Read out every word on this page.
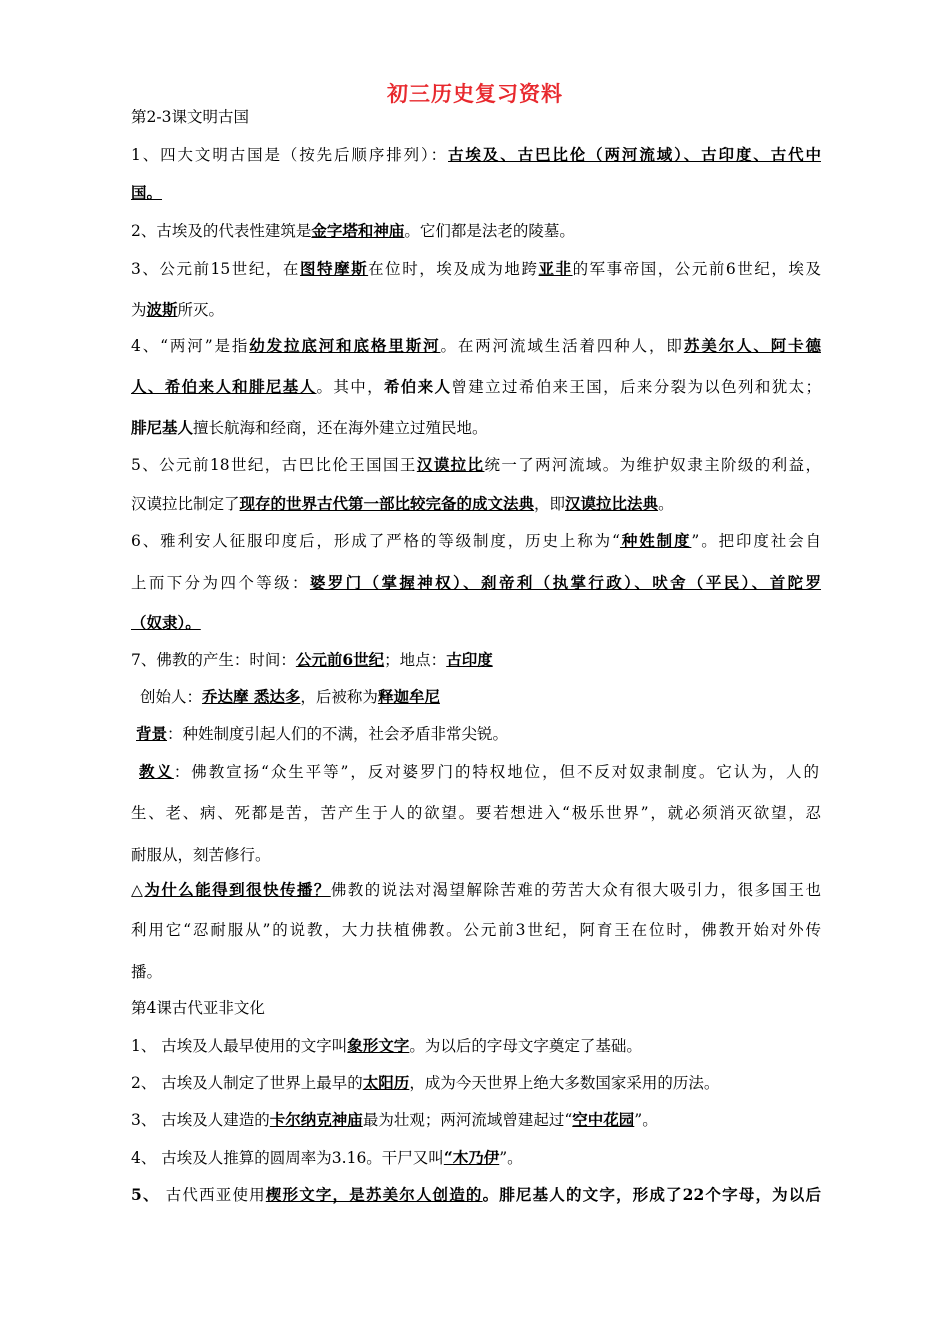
初三历史复习资料
第2-3课文明古国
1、四大文明古国是（按先后顺序排列）：古埃及、古巴比伦（两河流域）、古印度、古代中
国。
2、古埃及的代表性建筑是金字塔和神庙。它们都是法老的陵墓。
3、公元前15世纪，在图特摩斯在位时，埃及成为地跨亚非的军事帝国，公元前6世纪，埃及
为波斯所灭。
4、“两河”是指幼发拉底河和底格里斯河。在两河流域生活着四种人，即苏美尔人、阿卡德
人、希伯来人和腓尼基人。其中，希伯来人曾建立过希伯来王国，后来分裂为以色列和犹太；
腓尼基人擅长航海和经商，还在海外建立过殖民地。
5、公元前18世纪，古巴比伦王国国王汉谟拉比统一了两河流域。为维护奴隶主阶级的利益，
汉谟拉比制定了现存的世界古代第一部比较完备的成文法典，即汉谟拉比法典。
6、雅利安人征服印度后，形成了严格的等级制度，历史上称为“种姓制度”。把印度社会自
上而下分为四个等级：婆罗门（掌握神权）、刹帝利（执掌行政）、吠舍（平民）、首陀罗
（奴隶）。
7、佛教的产生：时间：公元前6世纪；地点：古印度
创始人：乔达摩 悉达多，后被称为释迦牟尼
背景：种姓制度引起人们的不满，社会矛盾非常尖锐。
教义：佛教宣扬“众生平等”，反对婆罗门的特权地位，但不反对奴隶制度。它认为，人的
生、老、病、死都是苦，苦产生于人的欲望。要若想进入“极乐世界”，就必须消灭欲望，忍
耐服从，刻苦修行。
△为什么能得到很快传播？佛教的说法对渴望解除苦难的劳苦大众有很大吸引力，很多国王也
利用它“忍耐服从”的说教，大力扶植佛教。公元前3世纪，阿育王在位时，佛教开始对外传
播。
第4课古代亚非文化
1、 古埃及人最早使用的文字叫象形文字。为以后的字母文字奠定了基础。
2、 古埃及人制定了世界上最早的太阳历，成为今天世界上绝大多数国家采用的历法。
3、 古埃及人建造的卡尔纳克神庙最为壮观；两河流域曾建起过“空中花园”。
4、 古埃及人推算的圆周率为3.16。干尸又叫“木乃伊”。
5、 古代西亚使用楔形文字，是苏美尔人创造的。腓尼基人的文字，形成了22个字母，为以后
